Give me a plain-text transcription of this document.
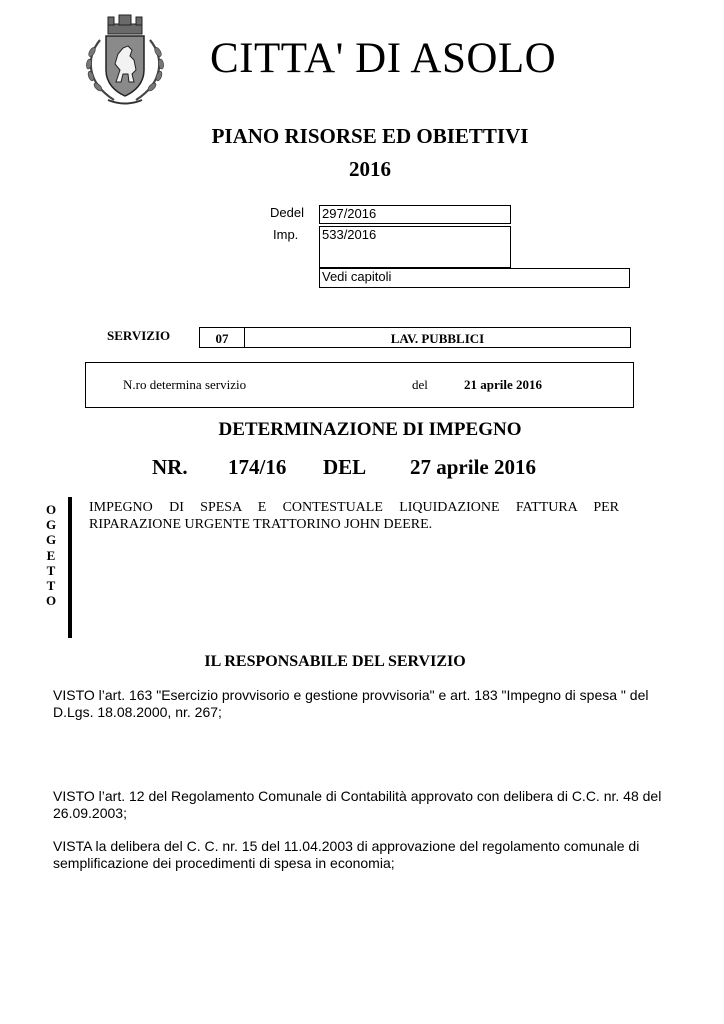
CITTA' DI ASOLO
PIANO RISORSE ED OBIETTIVI
2016
Dedel 297/2016
Imp. 533/2016
Vedi capitoli
SERVIZIO	07	LAV. PUBBLICI
N.ro determina servizio	del	21 aprile 2016
DETERMINAZIONE DI IMPEGNO
NR. 174/16 DEL 27 aprile 2016
O
G
G
E
T
T
O
IMPEGNO DI SPESA E CONTESTUALE LIQUIDAZIONE FATTURA PER RIPARAZIONE URGENTE TRATTORINO JOHN DEERE.
IL RESPONSABILE DEL SERVIZIO
VISTO l’art. 163 "Esercizio provvisorio e gestione provvisoria" e art. 183 "Impegno di spesa " del D.Lgs. 18.08.2000, nr. 267;
VISTO l’art. 12 del Regolamento Comunale di Contabilità approvato con delibera di C.C. nr. 48 del 26.09.2003;
VISTA la delibera del C. C. nr. 15 del 11.04.2003 di approvazione del regolamento comunale di semplificazione dei procedimenti di spesa in economia;
